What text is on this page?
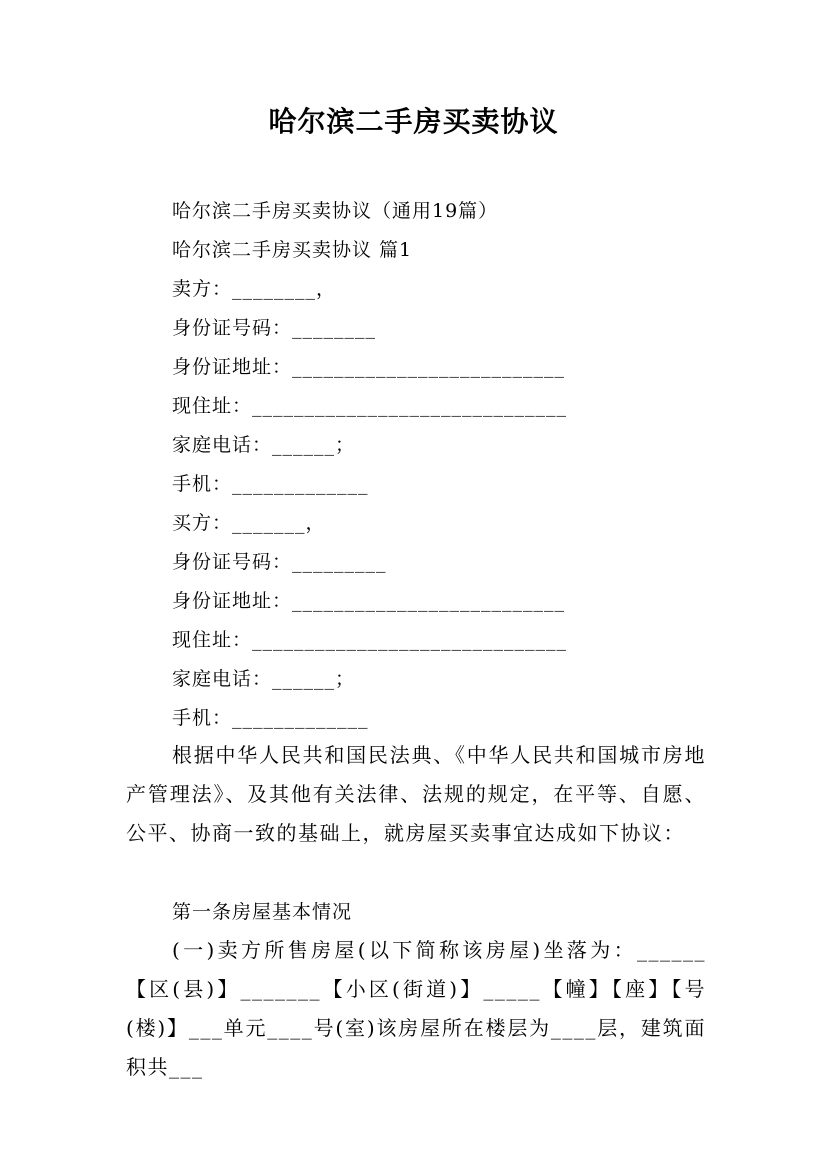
哈尔滨二手房买卖协议
哈尔滨二手房买卖协议（通用19篇）
哈尔滨二手房买卖协议 篇1
卖方：________，
身份证号码：________
身份证地址：__________________________
现住址：______________________________
家庭电话：______；
手机：_____________
买方：_______，
身份证号码：_________
身份证地址：__________________________
现住址：______________________________
家庭电话：______；
手机：_____________

根据中华人民共和国民法典、《中华人民共和国城市房地产管理法》、及其他有关法律、法规的规定，在平等、自愿、公平、协商一致的基础上，就房屋买卖事宜达成如下协议：

第一条房屋基本情况

(一)卖方所售房屋(以下简称该房屋)坐落为：______【区(县)】_______【小区(街道)】_____【幢】【座】【号(楼)】___单元____号(室)该房屋所在楼层为____层，建筑面积共___
